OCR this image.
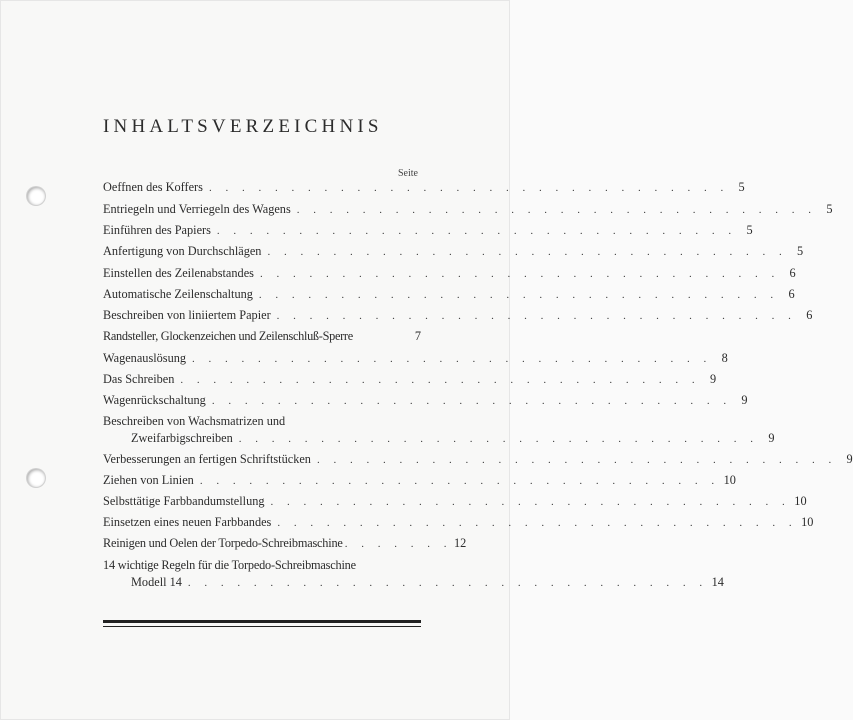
INHALTSVERZEICHNIS
Seite
Oeffnen des Koffers . . . . . . . . . . . . . . . . . . . . . . . . . . . . . . . . 5
Entriegeln und Verriegeln des Wagens . . . . . . . . . . . . . . . . . . . . . . . . . . . . . . . . 5
Einführen des Papiers . . . . . . . . . . . . . . . . . . . . . . . . . . . . . . . . 5
Anfertigung von Durchschlägen . . . . . . . . . . . . . . . . . . . . . . . . . . . . . . . . 5
Einstellen des Zeilenabstandes . . . . . . . . . . . . . . . . . . . . . . . . . . . . . . . . 6
Automatische Zeilenschaltung . . . . . . . . . . . . . . . . . . . . . . . . . . . . . . . . 6
Beschreiben von liniiertem Papier . . . . . . . . . . . . . . . . . . . . . . . . . . . . . . . . 6
Randsteller, Glockenzeichen und Zeilenschluß-Sperre	7
Wagenauslösung . . . . . . . . . . . . . . . . . . . . . . . . . . . . . . . . 8
Das Schreiben . . . . . . . . . . . . . . . . . . . . . . . . . . . . . . . . 9
Wagenrückschaltung . . . . . . . . . . . . . . . . . . . . . . . . . . . . . . . . 9
Beschreiben von Wachsmatrizen und
Zweifarbigschreiben . . . . . . . . . . . . . . . . . . . . . . . . . . . . . . . . 9
Verbesserungen an fertigen Schriftstücken . . . . . . . . . . . . . . . . . . . . . . . . . . . . . . . . 9
Ziehen von Linien . . . . . . . . . . . . . . . . . . . . . . . . . . . . . . . . 10
Selbsttätige Farbbandumstellung . . . . . . . . . . . . . . . . . . . . . . . . . . . . . . . . 10
Einsetzen eines neuen Farbbandes . . . . . . . . . . . . . . . . . . . . . . . . . . . . . . . . 10
Reinigen und Oelen der Torpedo-Schreibmaschine . . . . . . . 12
14 wichtige Regeln für die Torpedo-Schreibmaschine
Modell 14 . . . . . . . . . . . . . . . . . . . . . . . . . . . . . . . . 14
